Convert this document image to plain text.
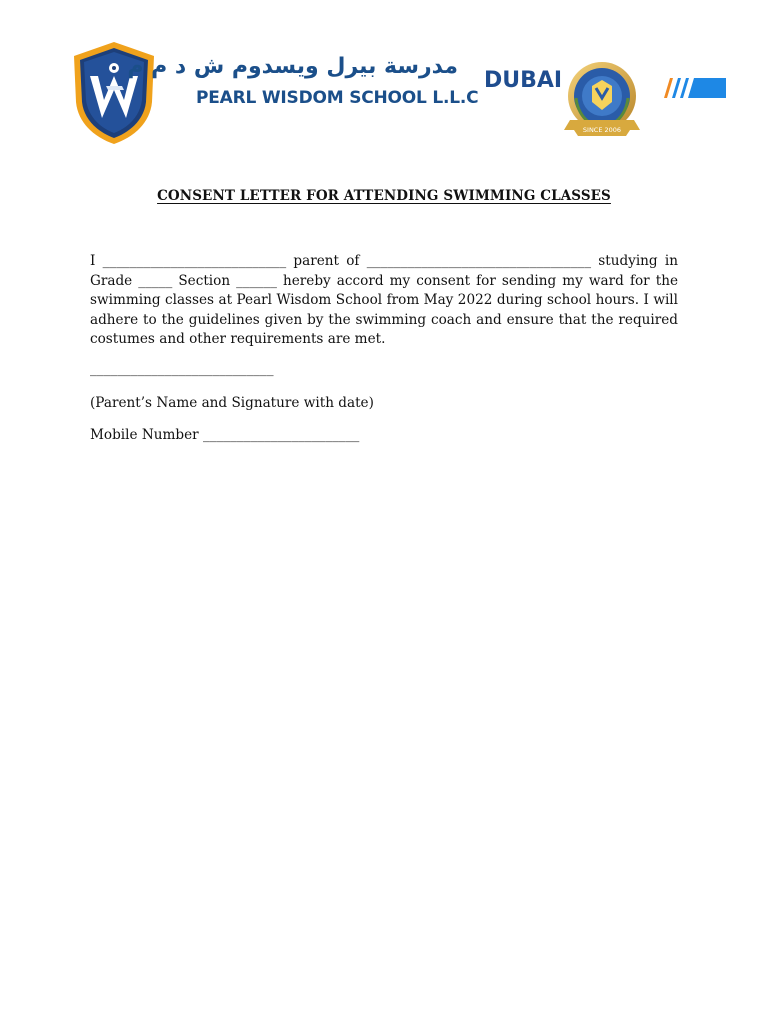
مدرسة بيرل ويسدوم ش د م م
PEARL WISDOM SCHOOL L.L.C
DUBAI
SINCE 2006
CONSENT LETTER FOR ATTENDING SWIMMING CLASSES
I ___________________________ parent of _________________________________ studying in Grade _____ Section ______ hereby accord my consent for sending my ward for the swimming classes at Pearl Wisdom School from May 2022 during school hours. I will adhere to the guidelines given by the swimming coach and ensure that the required costumes and other requirements are met.
___________________________
(Parent’s Name and Signature with date)
Mobile Number _______________________
